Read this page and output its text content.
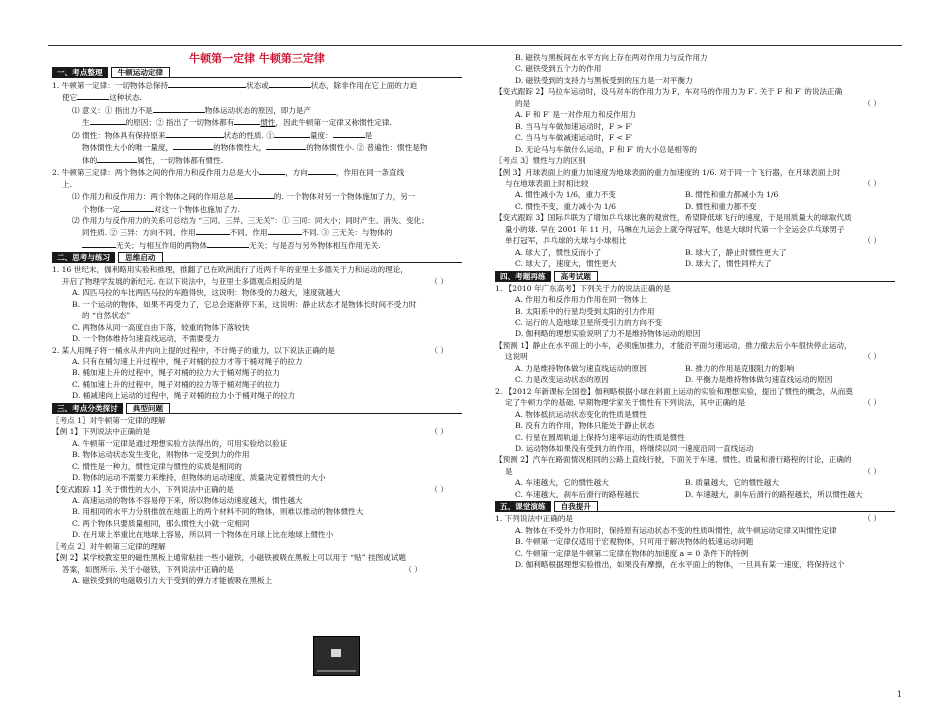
牛顿第一定律 牛顿第三定律
一、考点整理	牛顿运动定律
1. 牛顿第一定律：一切物体总保持	状态或	状态，除非作用在它上面的力迫
使它	这种状态.
⑴ 意义：① 指出力不是	物体运动状态的原因，即力是产
生	的原因；② 指出了一切物体都有	惯性，因此牛顿第一定律又称惯性定律.
⑵ 惯性：物体具有保持原来	状态的性质. ①	量度：	是
物体惯性大小的唯一量度，	的物体惯性大，	的物体惯性小. ② 普遍性：惯性是物
体的	属性，一切物体都有惯性.
2. 牛顿第三定律：两个物体之间的作用力和反作用力总是大小	，方向	，作用在同一条直线
上.
⑴ 作用力和反作用力：两个物体之间的作用总是	的. 一个物体对另一个物体施加了力，另一
个物体一定	对这一个物体也施加了力.
⑵ 作用力与反作用力的关系可总结为 “三同、三异、三无关”：① 三同：同大小；同时产生、消失、变化；
同性质. ② 三异：方向不同、作用	不同、作用	不同. ③ 三无关：与物体的
无关；与相互作用的两物体	无关；与是否与另外物体相互作用无关.
二、思考与练习	思维启动
1. 16 世纪末，伽利略用实验和推理，推翻了已在欧洲流行了近两千年的亚里士多德关于力和运动的理论，
开启了物理学发展的新纪元. 在以下说法中，与亚里士多德观点相反的是	（ ）
A. 四匹马拉的车比两匹马拉的车跑得快，这说明：物体受的力越大，速度就越大
B. 一个运动的物体，如果不再受力了，它总会逐渐停下来，这说明：静止状态才是物体长时间不受力时
的 “自然状态”
C. 两物体从同一高度自由下落，较重的物体下落较快
D. 一个物体维持匀速直线运动，不需要受力
2. 某人用绳子将一桶水从井内向上提的过程中，不计绳子的重力，以下说法正确的是	（ ）
A. 只有在桶匀速上升过程中，绳子对桶的拉力才等于桶对绳子的拉力
B. 桶加速上升的过程中，绳子对桶的拉力大于桶对绳子的拉力
C. 桶加速上升的过程中，绳子对桶的拉力等于桶对绳子的拉力
D. 桶减速向上运动的过程中，绳子对桶的拉力小于桶对绳子的拉力
三、考点分类探讨	典型问题
〖考点 1〗对牛顿第一定律的理解
【例 1】下列说法中正确的是	（ ）
A. 牛顿第一定律是通过理想实验方法得出的，可用实验给以验证
B. 物体运动状态发生变化，则物体一定受到力的作用
C. 惯性是一种力，惯性定律与惯性的实质是相同的
D. 物体的运动不需要力来维持，但物体的运动速度、质量决定着惯性的大小
【变式跟踪 1】关于惯性的大小，下列说法中正确的是	（ ）
A. 高速运动的物体不容易停下来，所以物体运动速度越大，惯性越大
B. 用相同的水平力分别推放在地面上的两个材料不同的物体，则难以推动的物体惯性大
C. 两个物体只要质量相同，那么惯性大小就一定相同
D. 在月球上举重比在地球上容易，所以同一个物体在月球上比在地球上惯性小
〖考点 2〗对牛顿第三定律的理解
【例 2】某学校教室里的磁性黑板上通常粘挂一些小磁铁，小磁铁被吸在黑板上可以用于 “贴” 挂图或试题
答案，如图所示. 关于小磁铁，下列说法中正确的是	（ ）
A. 磁铁受到的电磁吸引力大于受到的弹力才能被吸在黑板上
B. 磁铁与黑板间在水平方向上存在两对作用力与反作用力
C. 磁铁受到五个力的作用
D. 磁铁受到的支持力与黑板受到的压力是一对平衡力
【变式跟踪 2】马拉车运动时，设马对车的作用力为 F，车对马的作用力为 F′. 关于 F 和 F′ 的说法正确
的是	（ ）
A. F 和 F′ 是一对作用力和反作用力
B. 当马与车做加速运动时，F > F′
C. 当马与车做减速运动时，F < F′
D. 无论马与车做什么运动，F 和 F′ 的大小总是相等的
〖考点 3〗惯性与力的区别
【例 3】月球表面上的重力加速度为地球表面的重力加速度的 1/6. 对于同一个飞行器，在月球表面上时
与在地球表面上时相比较	（ ）
A. 惯性减小为 1/6，重力不变	B. 惯性和重力都减小为 1/6
C. 惯性不变，重力减小为 1/6	D. 惯性和重力都不变
【变式跟踪 3】国际乒联为了增加乒乓球比赛的观赏性，希望降低球飞行的速度，于是用质量大的球取代质
量小的球. 早在 2001 年 11 月，马琳在九运会上就夺得冠军，他是大球时代第一个全运会乒乓球男子
单打冠军，乒乓球的大球与小球相比	（ ）
A. 球大了，惯性反而小了	B. 球大了，静止时惯性更大了
C. 球大了，速度大，惯性更大	D. 球大了，惯性同样大了
四、考题再练	高考试题
1. 【2010 年广东高考】下列关于力的说法正确的是
A. 作用力和反作用力作用在同一物体上
B. 太阳系中的行星均受到太阳的引力作用
C. 运行的人造地球卫星所受引力的方向不变
D. 伽利略的理想实验说明了力不是维持物体运动的原因
【预测 1】静止在水平面上的小车，必须施加推力，才能沿平面匀速运动，推力撤去后小车很快停止运动，
这说明	（ ）
A. 力是维持物体做匀速直线运动的原因	B. 推力的作用是克服阻力的影响
C. 力是改变运动状态的原因	D. 平衡力是维持物体做匀速直线运动的原因
2. 【2012 年新课标全国卷】伽利略根据小球在斜面上运动的实验和理想实验，提出了惯性的概念，从而奠
定了牛顿力学的基础. 早期物理学家关于惯性有下列说法，其中正确的是	（ ）
A. 物体抵抗运动状态变化的性质是惯性
B. 没有力的作用，物体只能处于静止状态
C. 行星在圆周轨道上保持匀速率运动的性质是惯性
D. 运动物体如果没有受到力的作用，将继续以同一速度沿同一直线运动
【预测 2】汽车在路面情况相同的公路上直线行驶，下面关于车速、惯性、质量和滑行路程的讨论，正确的
是	（ ）
A. 车速越大，它的惯性越大	B. 质量越大，它的惯性越大
C. 车速越大，刹车后滑行的路程越长	D. 车速越大，刹车后滑行的路程越长，所以惯性越大
五、课堂演练	自我提升
1. 下列说法中正确的是	（ ）
A. 物体在不受外力作用时，保持原有运动状态不变的性质叫惯性，故牛顿运动定律又叫惯性定律
B. 牛顿第一定律仅适用于宏观物体，只可用于解决物体的低速运动问题
C. 牛顿第一定律是牛顿第二定律在物体的加速度 a = 0 条件下的特例
D. 伽利略根据理想实验推出，如果没有摩擦，在水平面上的物体，一旦具有某一速度，将保持这个
1
